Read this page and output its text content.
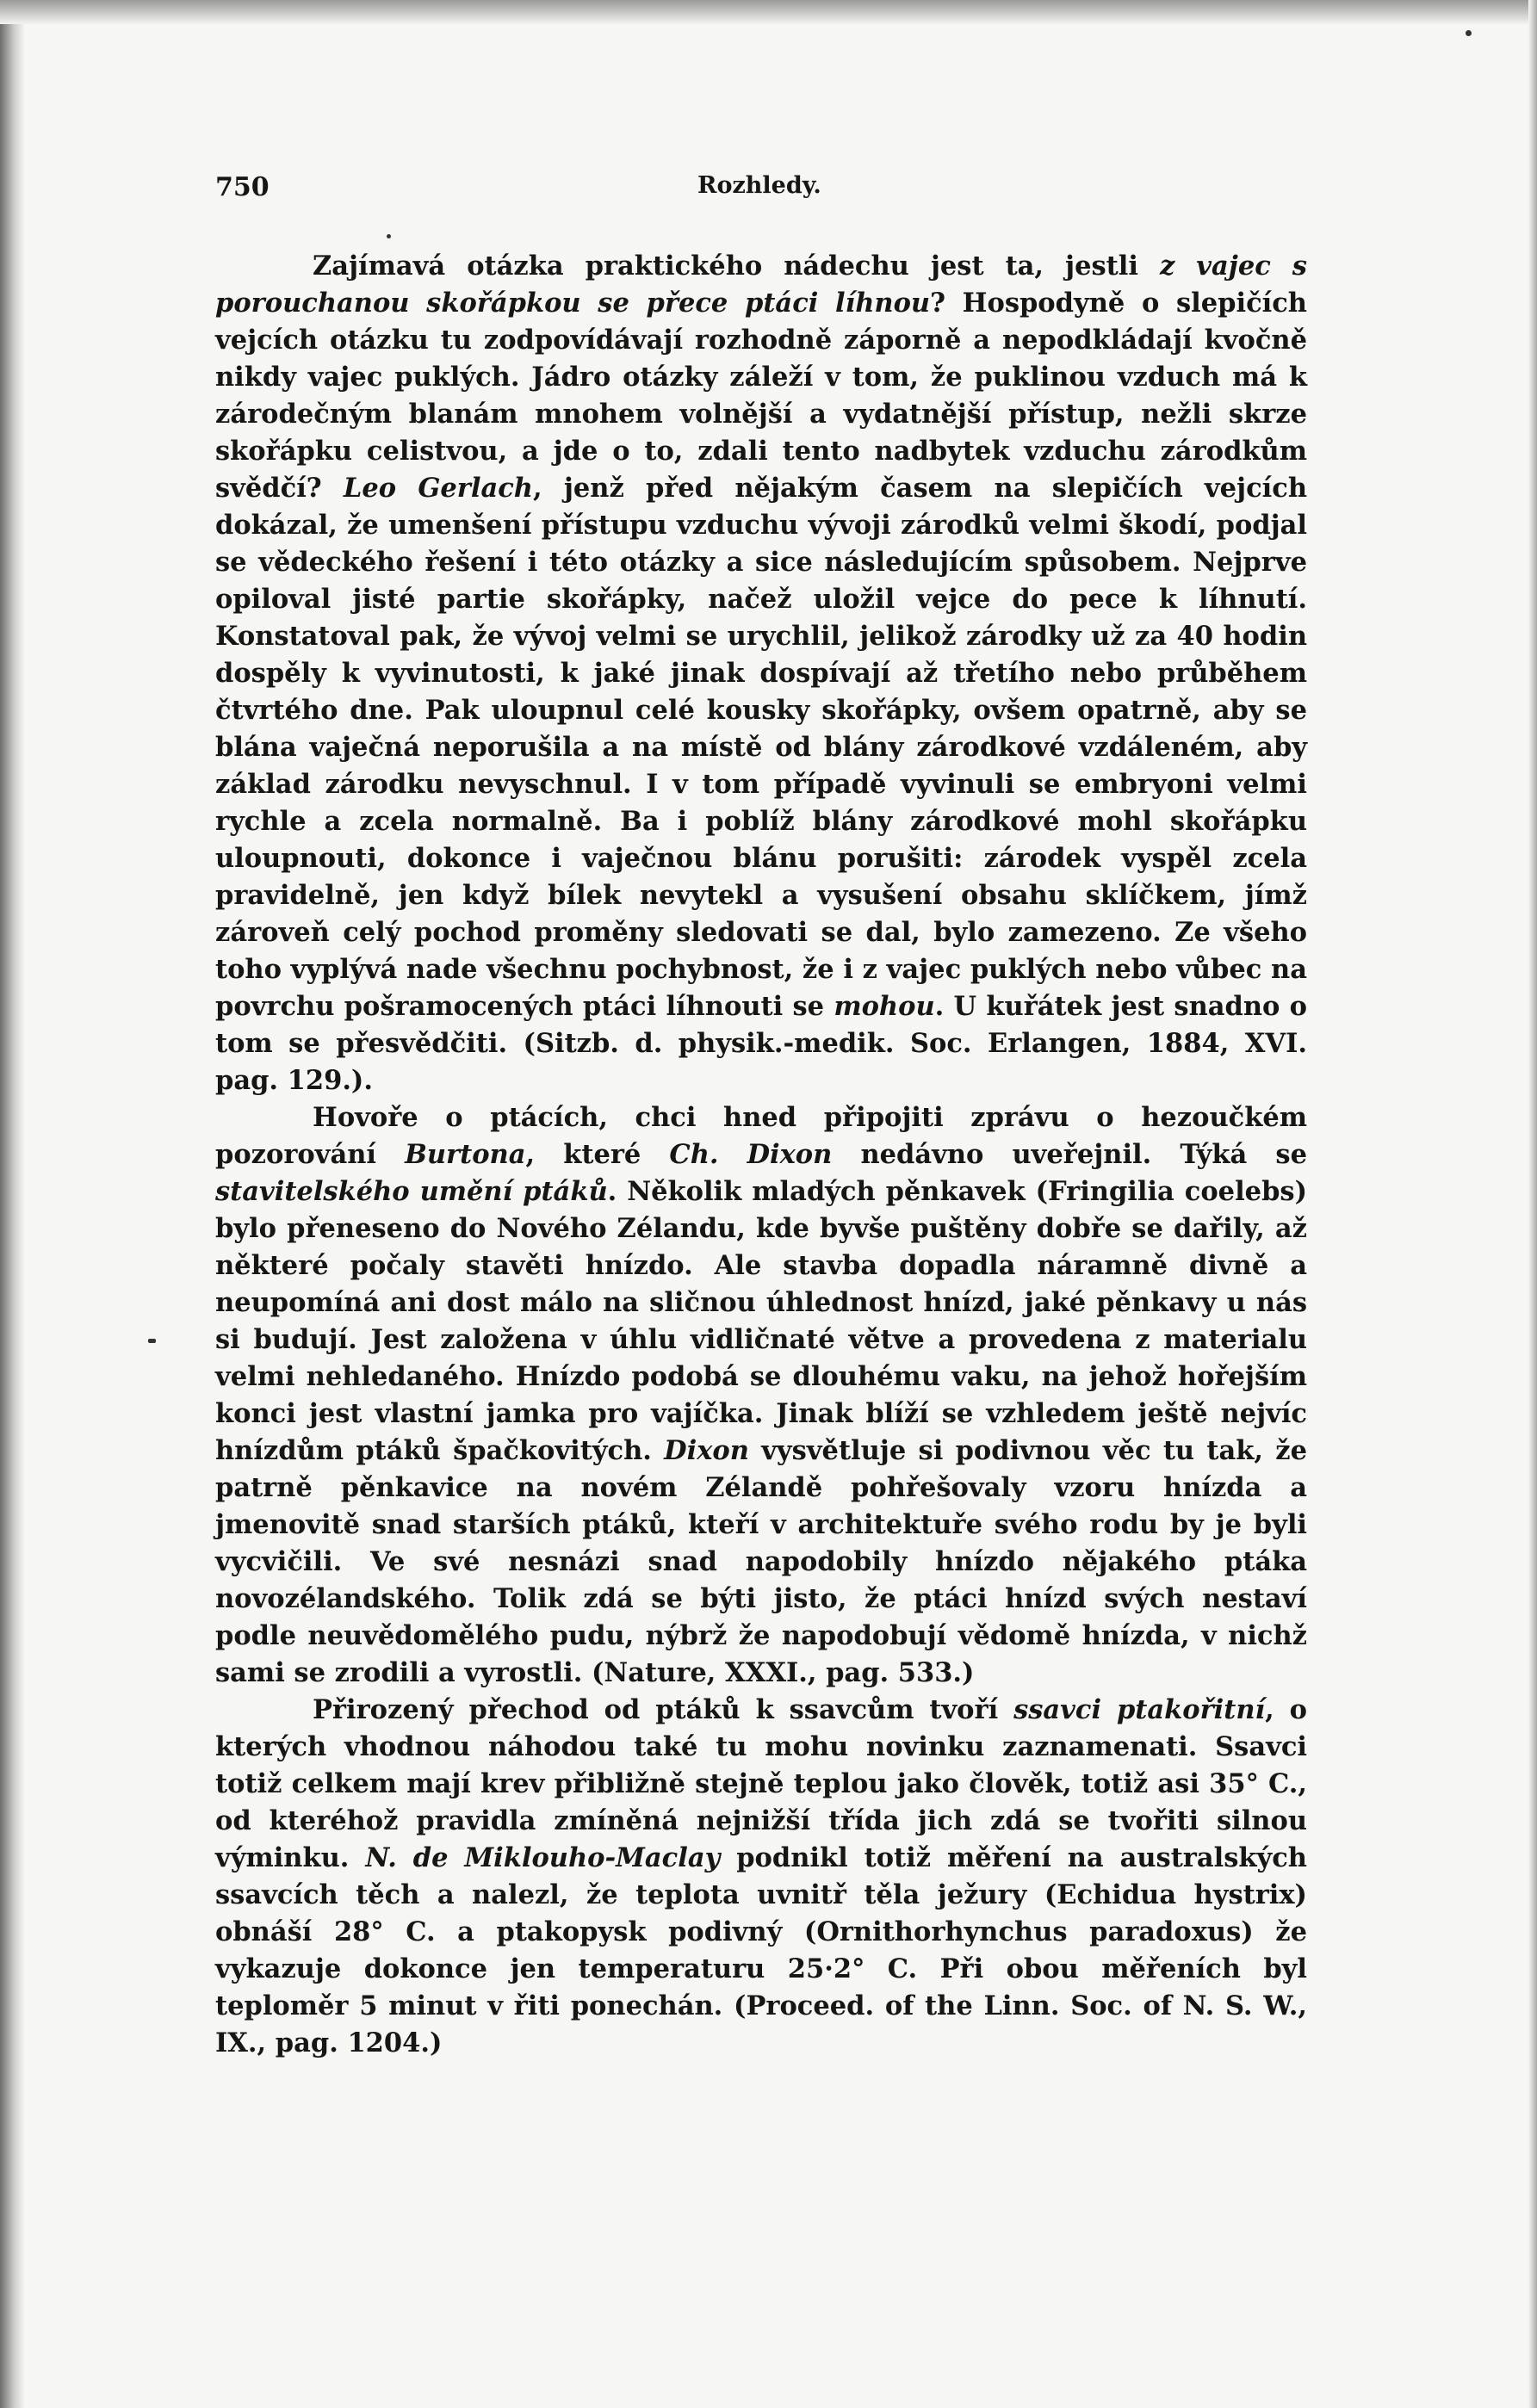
750	Rozhledy.

Zajímavá otázka praktického nádechu jest ta, jestli z vajec s porouchanou skořápkou se přece ptáci líhnou? Hospodyně o slepičích vejcích otázku tu zodpovídávají rozhodně záporně a nepodkládají kvočně nikdy vajec puklých. Jádro otázky záleží v tom, že puklinou vzduch má k zárodečným blanám mnohem volnější a vydatnější přístup, nežli skrze skořápku celistvou, a jde o to, zdali tento nadbytek vzduchu zárodkům svědčí? Leo Gerlach, jenž před nějakým časem na slepičích vejcích dokázal, že umenšení přístupu vzduchu vývoji zárodků velmi škodí, podjal se vědeckého řešení i této otázky a sice následujícím spůsobem. Nejprve opiloval jisté partie skořápky, načež uložil vejce do pece k líhnutí. Konstatoval pak, že vývoj velmi se urychlil, jelikož zárodky už za 40 hodin dospěly k vyvinutosti, k jaké jinak dospívají až třetího nebo průběhem čtvrtého dne. Pak uloupnul celé kousky skořápky, ovšem opatrně, aby se blána vaječná neporušila a na místě od blány zárodkové vzdáleném, aby základ zárodku nevyschnul. I v tom případě vyvinuli se embryoni velmi rychle a zcela normalně. Ba i poblíž blány zárodkové mohl skořápku uloupnouti, dokonce i vaječnou blánu porušiti: zárodek vyspěl zcela pravidelně, jen když bílek nevytekl a vysušení obsahu sklíčkem, jímž zároveň celý pochod proměny sledovati se dal, bylo zamezeno. Ze všeho toho vyplývá nade všechnu pochybnost, že i z vajec puklých nebo vůbec na povrchu pošramocených ptáci líhnouti se mohou. U kuřátek jest snadno o tom se přesvědčiti. (Sitzb. d. physik.-medik. Soc. Erlangen, 1884, XVI. pag. 129.).

Hovoře o ptácích, chci hned připojiti zprávu o hezoučkém pozorování Burtona, které Ch. Dixon nedávno uveřejnil. Týká se stavitelského umění ptáků. Několik mladých pěnkavek (Fringilia coelebs) bylo přeneseno do Nového Zélandu, kde byvše puštěny dobře se dařily, až některé počaly stavěti hnízdo. Ale stavba dopadla náramně divně a neupomíná ani dost málo na sličnou úhlednost hnízd, jaké pěnkavy u nás si budují. Jest založena v úhlu vidličnaté větve a provedena z materialu velmi nehledaného. Hnízdo podobá se dlouhému vaku, na jehož hořejším konci jest vlastní jamka pro vajíčka. Jinak blíží se vzhledem ještě nejvíc hnízdům ptáků špačkovitých. Dixon vysvětluje si podivnou věc tu tak, že patrně pěnkavice na novém Zélandě pohřešovaly vzoru hnízda a jmenovitě snad starších ptáků, kteří v architektuře svého rodu by je byli vycvičili. Ve své nesnázi snad napodobily hnízdo nějakého ptáka novozélandského. Tolik zdá se býti jisto, že ptáci hnízd svých nestaví podle neuvědomělého pudu, nýbrž že napodobují vědomě hnízda, v nichž sami se zrodili a vyrostli. (Nature, XXXI., pag. 533.)

Přirozený přechod od ptáků k ssavcům tvoří ssavci ptakořitní, o kterých vhodnou náhodou také tu mohu novinku zaznamenati. Ssavci totiž celkem mají krev přibližně stejně teplou jako člověk, totiž asi 35° C., od kteréhož pravidla zmíněná nejnižší třída jich zdá se tvořiti silnou výminku. N. de Miklouho-Maclay podnikl totiž měření na australských ssavcích těch a nalezl, že teplota uvnitř těla ježury (Echidua hystrix) obnáší 28° C. a ptakopysk podivný (Ornithorhynchus paradoxus) že vykazuje dokonce jen temperaturu 25·2° C. Při obou měřeních byl teploměr 5 minut v řiti ponechán. (Proceed. of the Linn. Soc. of N. S. W., IX., pag. 1204.)
